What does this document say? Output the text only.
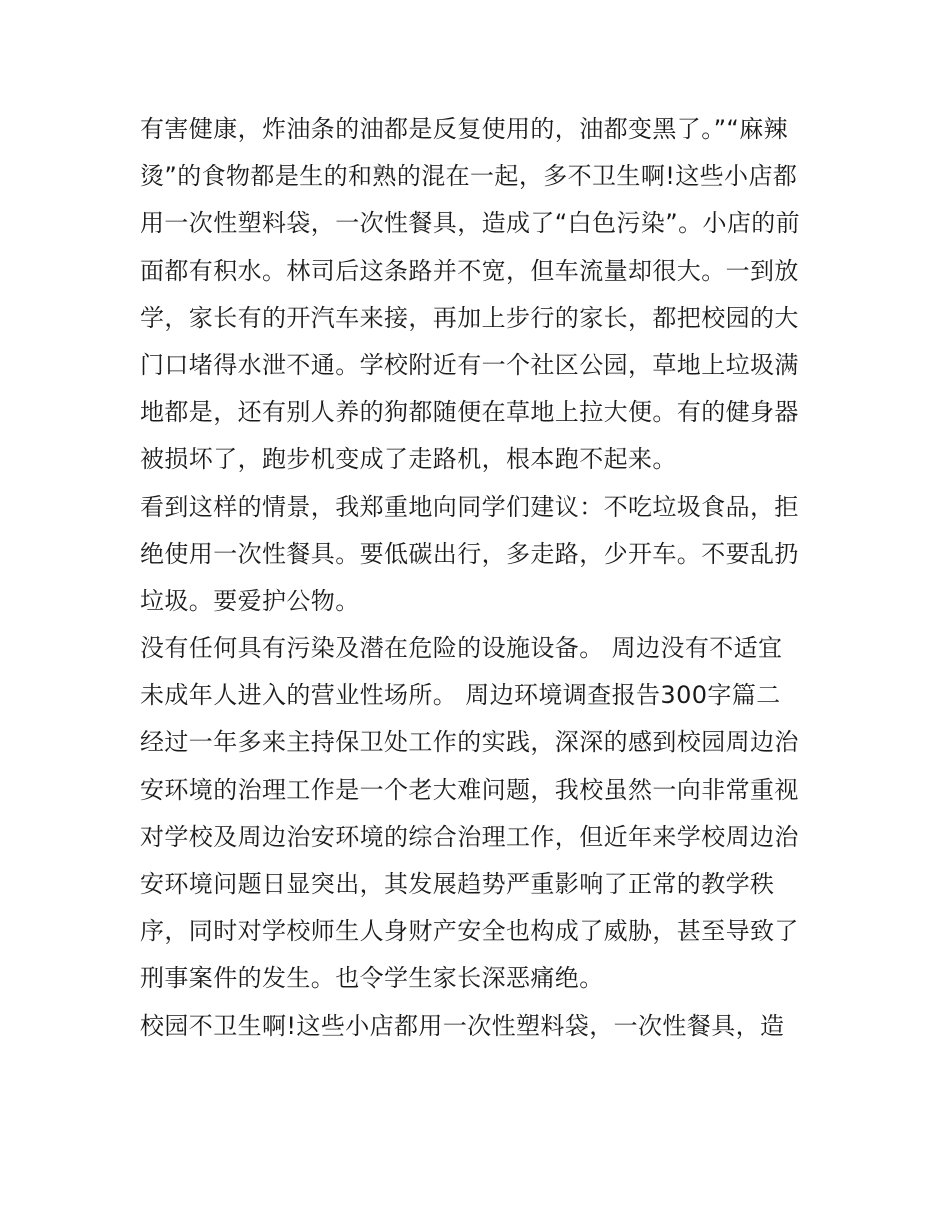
有害健康，炸油条的油都是反复使用的，油都变黑了。”“麻辣
烫”的食物都是生的和熟的混在一起，多不卫生啊!这些小店都
用一次性塑料袋，一次性餐具，造成了“白色污染”。小店的前
面都有积水。林司后这条路并不宽，但车流量却很大。一到放
学，家长有的开汽车来接，再加上步行的家长，都把校园的大
门口堵得水泄不通。学校附近有一个社区公园，草地上垃圾满
地都是，还有别人养的狗都随便在草地上拉大便。有的健身器
被损坏了，跑步机变成了走路机，根本跑不起来。

看到这样的情景，我郑重地向同学们建议：不吃垃圾食品，拒
绝使用一次性餐具。要低碳出行，多走路，少开车。不要乱扔
垃圾。要爱护公物。

没有任何具有污染及潜在危险的设施设备。 周边没有不适宜
未成年人进入的营业性场所。 周边环境调查报告300字篇二
经过一年多来主持保卫处工作的实践，深深的感到校园周边治
安环境的治理工作是一个老大难问题，我校虽然一向非常重视
对学校及周边治安环境的综合治理工作，但近年来学校周边治
安环境问题日显突出，其发展趋势严重影响了正常的教学秩
序，同时对学校师生人身财产安全也构成了威胁，甚至导致了
刑事案件的发生。也令学生家长深恶痛绝。

校园不卫生啊!这些小店都用一次性塑料袋，一次性餐具，造
